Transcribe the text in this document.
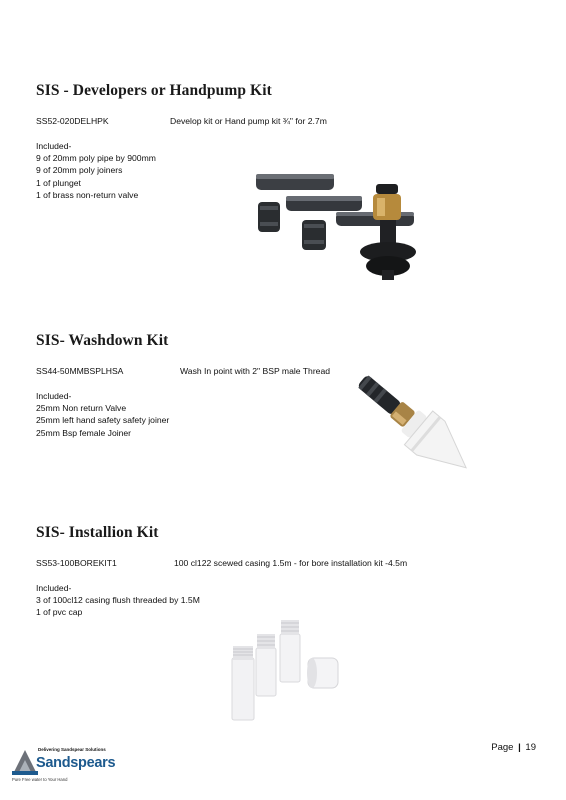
SIS - Developers or Handpump Kit
SS52-020DELHPK	Develop kit or Hand pump kit ¾" for 2.7m
Included-
9 of 20mm poly pipe by 900mm
9 of 20mm poly joiners
1 of plunget
1 of brass non-return valve
SIS- Washdown Kit
SS44-50MMBSPLHSA	Wash In point with 2" BSP male Thread
Included-
25mm Non return Valve
25mm left hand safety safety joiner
25mm Bsp female Joiner
SIS- Installion Kit
SS53-100BOREKIT1	100 cl122 scewed casing 1.5m - for bore installation kit -4.5m
Included-
3 of 100cl12 casing flush threaded by 1.5M
1 of pvc cap
Page | 19
Delivering Sandspear Solutions
Sandspears
Pure Free water to Your Hand
